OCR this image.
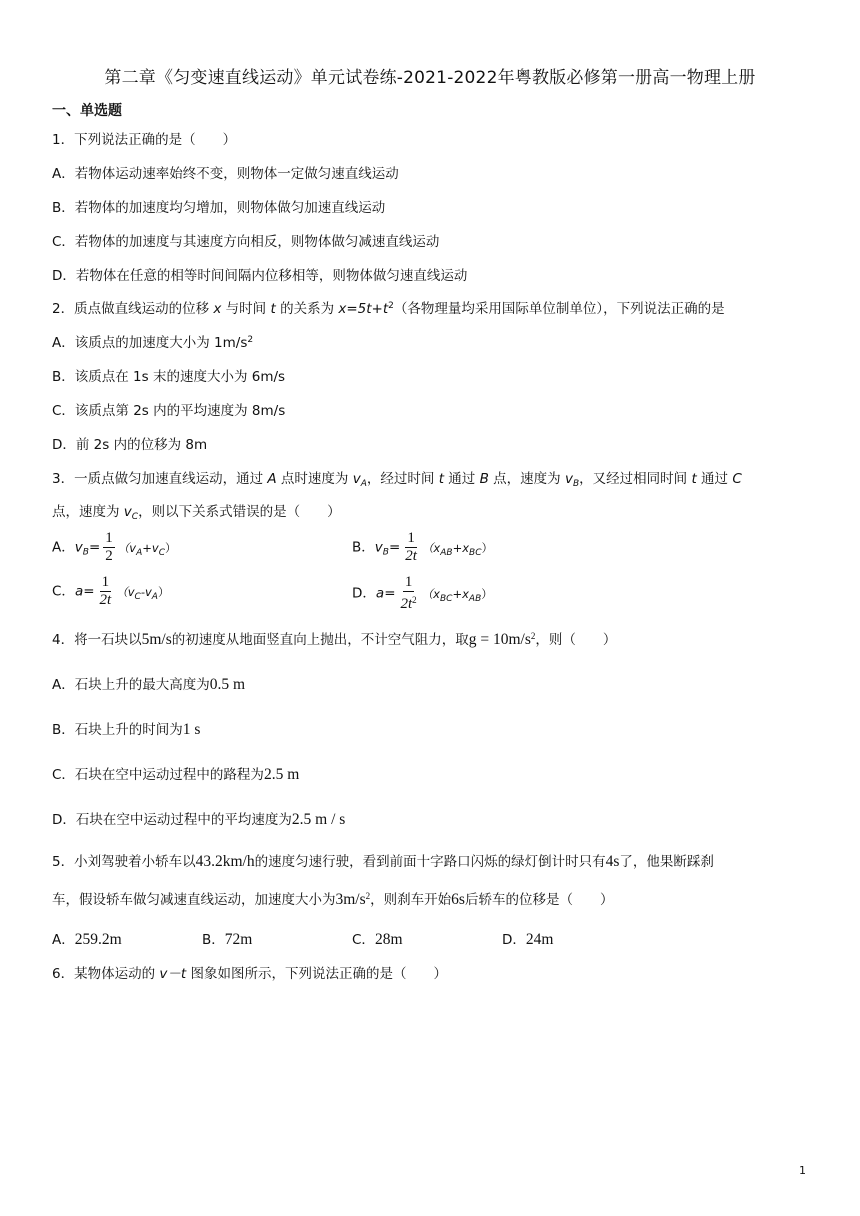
第二章《匀变速直线运动》单元试卷练-2021-2022年粤教版必修第一册高一物理上册
一、单选题
1．下列说法正确的是（　　）
A．若物体运动速率始终不变，则物体一定做匀速直线运动
B．若物体的加速度均匀增加，则物体做匀加速直线运动
C．若物体的加速度与其速度方向相反，则物体做匀减速直线运动
D．若物体在任意的相等时间间隔内位移相等，则物体做匀速直线运动
2．质点做直线运动的位移 x 与时间 t 的关系为 $x=5t+t^2$（各物理量均采用国际单位制单位），下列说法正确的是
A．该质点的加速度大小为 $1m/s^2$
B．该质点在 1s 末的速度大小为 6m/s
C．该质点第 2s 内的平均速度为 8m/s
D．前 2s 内的位移为 8m
3．一质点做匀加速直线运动，通过 A 点时速度为 $v_A$，经过时间 t 通过 B 点，速度为 $v_B$，又经过相同时间 t 通过 C
点，速度为 $v_C$，则以下关系式错误的是（　　）
A．$v_B= \frac{1}{2} (v_A+v_C)$	B．$v_B= \frac{1}{2t} (x_{AB}+x_{BC})$
C．$a= \frac{1}{2t} (v_C-v_A)$	D．$a= \frac{1}{2t^2} (x_{BC}+x_{AB})$
4．将一石块以5m/s的初速度从地面竖直向上抛出，不计空气阻力，取$g = 10m/s^2$，则（　　）
A．石块上升的最大高度为0.5 m
B．石块上升的时间为1 s
C．石块在空中运动过程中的路程为2.5 m
D．石块在空中运动过程中的平均速度为2.5 m / s
5．小刘驾驶着小轿车以43.2km/h的速度匀速行驶，看到前面十字路口闪烁的绿灯倒计时只有4s了，他果断踩刹
车，假设轿车做匀减速直线运动，加速度大小为$3m/s^2$，则刹车开始6s后轿车的位移是（　　）
A．259.2m	B．72m	C．28m	D．24m
6．某物体运动的 v－t 图象如图所示，下列说法正确的是（　　）
1
